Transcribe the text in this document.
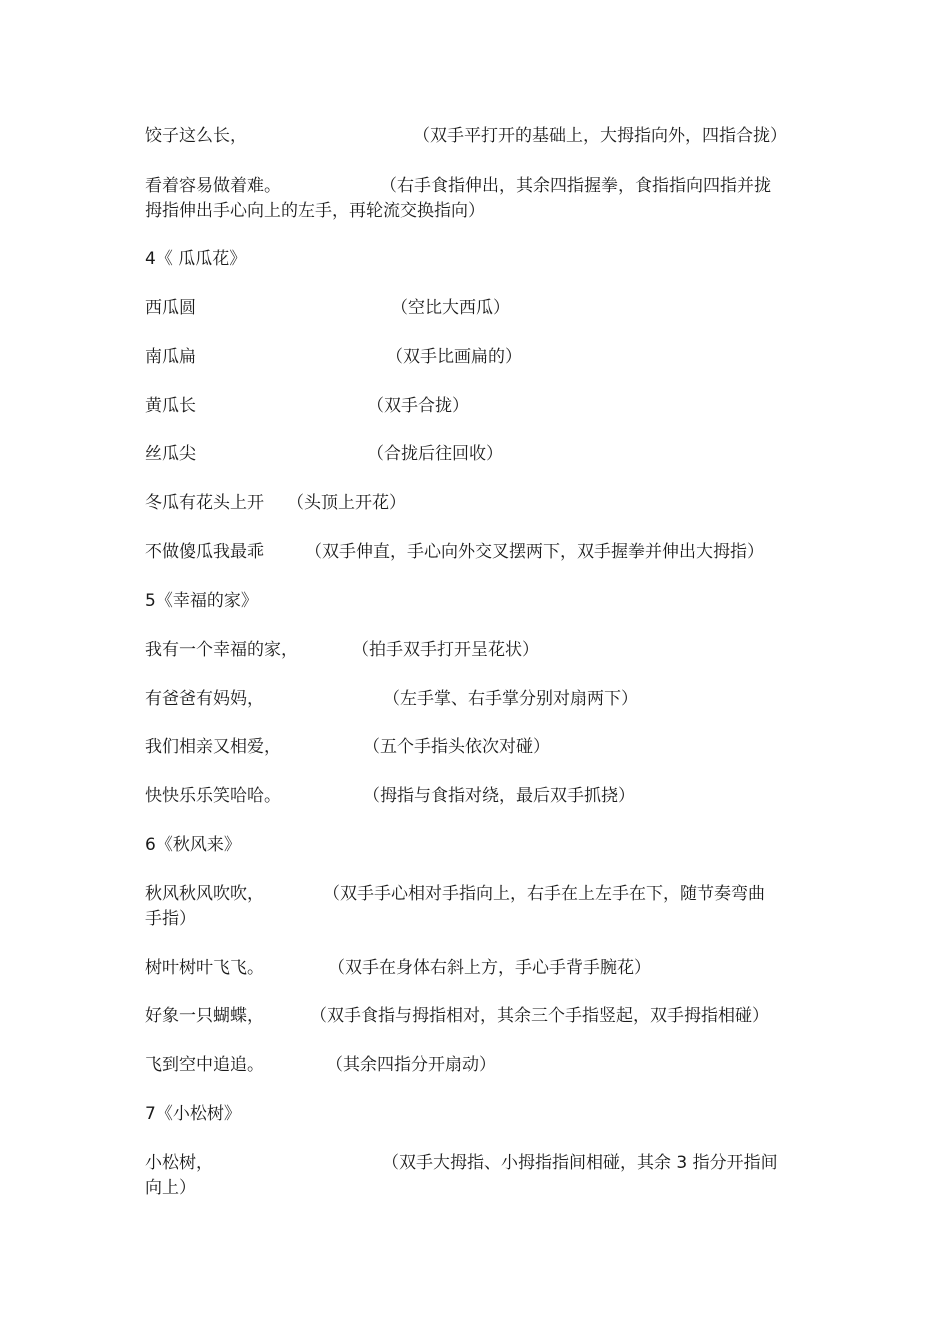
饺子这么长，	（双手平打开的基础上，大拇指向外，四指合拢）
看着容易做着难。	（右手食指伸出，其余四指握拳，食指指向四指并拢
拇指伸出手心向上的左手，再轮流交换指向）
4《 瓜瓜花》
西瓜圆	（空比大西瓜）
南瓜扁	（双手比画扁的）
黄瓜长	（双手合拢）
丝瓜尖	（合拢后往回收）
冬瓜有花头上开 （头顶上开花）
不做傻瓜我最乖 （双手伸直，手心向外交叉摆两下，双手握拳并伸出大拇指）
5《幸福的家》
我有一个幸福的家，	（拍手双手打开呈花状）
有爸爸有妈妈，	（左手掌、右手掌分别对扇两下）
我们相亲又相爱，	（五个手指头依次对碰）
快快乐乐笑哈哈。	（拇指与食指对绕，最后双手抓挠）
6《秋风来》
秋风秋风吹吹，	（双手手心相对手指向上，右手在上左手在下，随节奏弯曲
手指）
树叶树叶飞飞。	（双手在身体右斜上方，手心手背手腕花）
好象一只蝴蝶，	（双手食指与拇指相对，其余三个手指竖起，双手拇指相碰）
飞到空中追追。	（其余四指分开扇动）
7《小松树》
小松树，	（双手大拇指、小拇指指间相碰，其余 3 指分开指间
向上）
